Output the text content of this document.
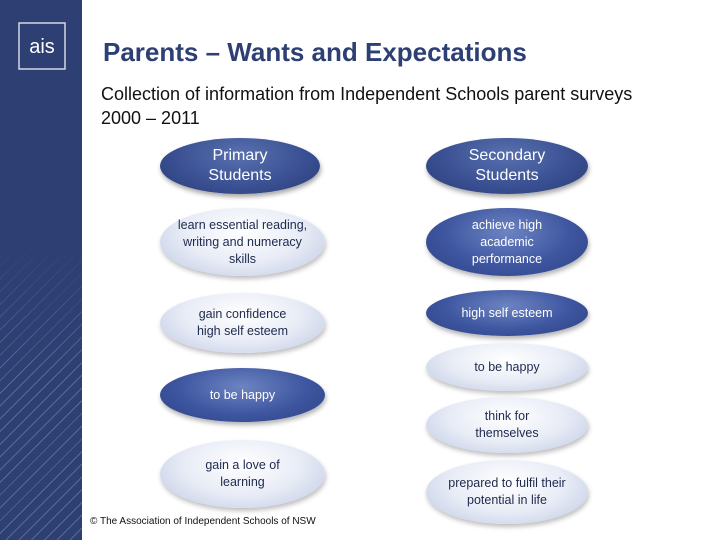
ais Parents – Wants and Expectations
Collection of information from Independent Schools parent surveys 2000 – 2011
Primary Students
learn essential reading, writing and numeracy skills
gain confidence high self esteem
to be happy
gain a love of learning
Secondary Students
achieve high academic performance
high self esteem
to be happy
think for themselves
prepared to fulfil their potential in life
© The Association of Independent Schools of NSW
